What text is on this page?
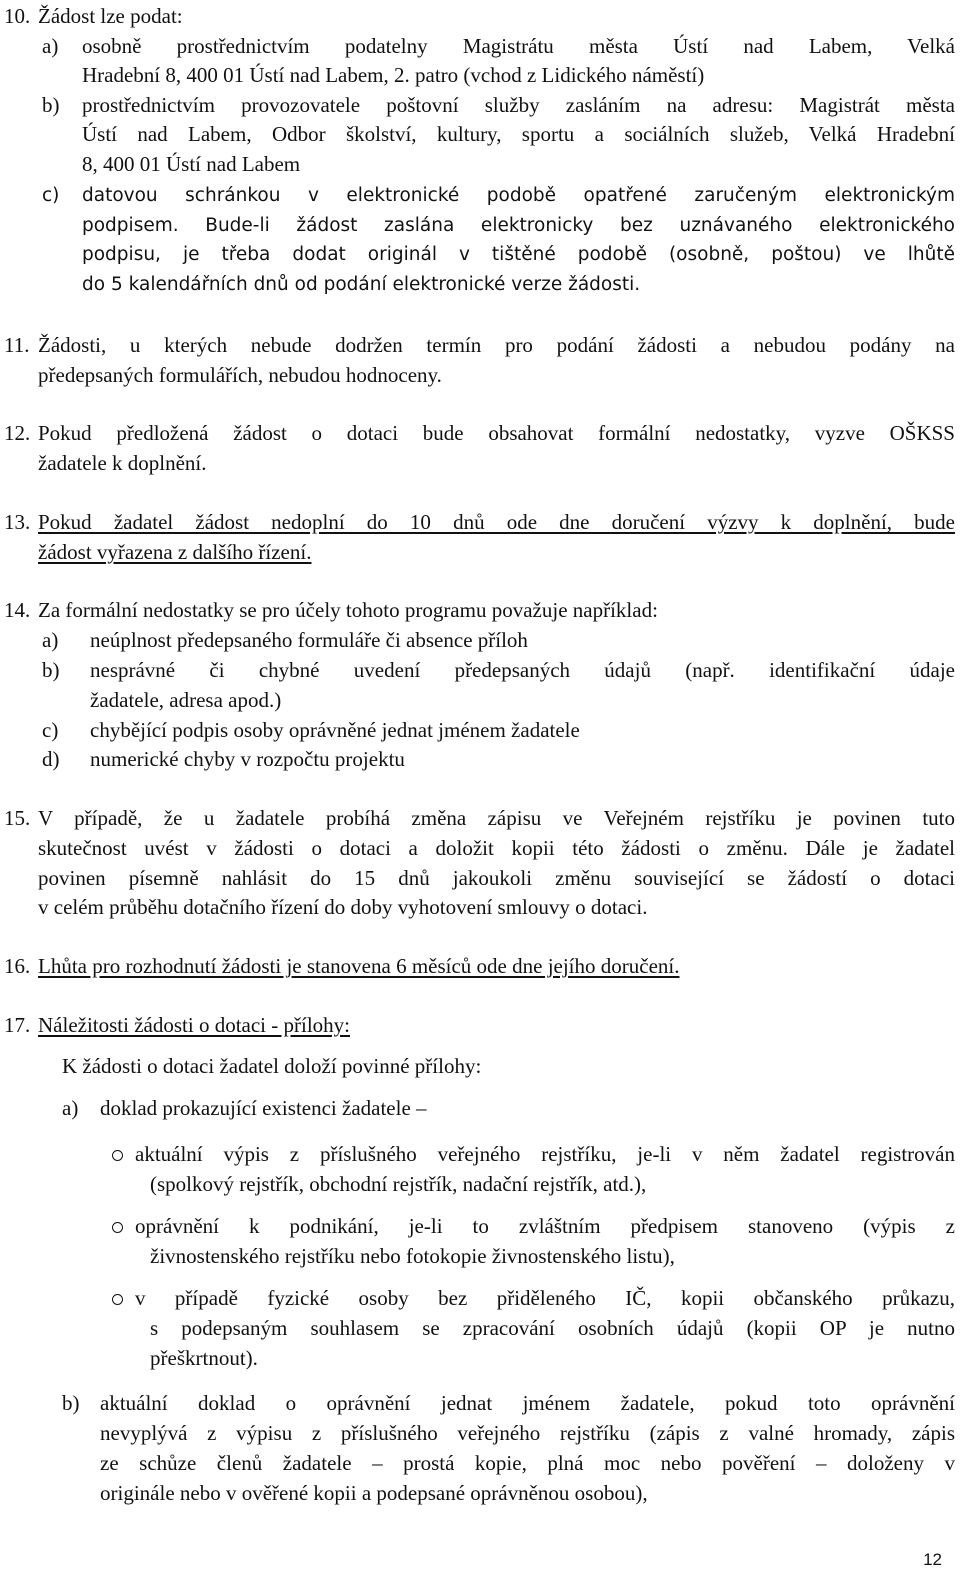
10. Žádost lze podat:
a) osobně prostřednictvím podatelny Magistrátu města Ústí nad Labem, Velká
Hradební 8, 400 01 Ústí nad Labem, 2. patro (vchod z Lidického náměstí)
b) prostřednictvím provozovatele poštovní služby zasláním na adresu: Magistrát města
Ústí nad Labem, Odbor školství, kultury, sportu a sociálních služeb, Velká Hradební
8, 400 01 Ústí nad Labem
c) datovou schránkou v elektronické podobě opatřené zaručeným elektronickým
podpisem. Bude-li žádost zaslána elektronicky bez uznávaného elektronického
podpisu, je třeba dodat originál v tištěné podobě (osobně, poštou) ve lhůtě
do 5 kalendářních dnů od podání elektronické verze žádosti.
11. Žádosti, u kterých nebude dodržen termín pro podání žádosti a nebudou podány na
předepsaných formulářích, nebudou hodnoceny.
12. Pokud předložená žádost o dotaci bude obsahovat formální nedostatky, vyzve OŠKSS
žadatele k doplnění.
13. Pokud žadatel žádost nedoplní do 10 dnů ode dne doručení výzvy k doplnění, bude
žádost vyřazena z dalšího řízení.
14. Za formální nedostatky se pro účely tohoto programu považuje například:
a) neúplnost předepsaného formuláře či absence příloh
b) nesprávné či chybné uvedení předepsaných údajů (např. identifikační údaje
žadatele, adresa apod.)
c) chybějící podpis osoby oprávněné jednat jménem žadatele
d) numerické chyby v rozpočtu projektu
15. V případě, že u žadatele probíhá změna zápisu ve Veřejném rejstříku je povinen tuto
skutečnost uvést v žádosti o dotaci a doložit kopii této žádosti o změnu. Dále je žadatel
povinen písemně nahlásit do 15 dnů jakoukoli změnu související se žádostí o dotaci
v celém průběhu dotačního řízení do doby vyhotovení smlouvy o dotaci.
16. Lhůta pro rozhodnutí žádosti je stanovena 6 měsíců ode dne jejího doručení.
17. Náležitosti žádosti o dotaci - přílohy:
K žádosti o dotaci žadatel doloží povinné přílohy:
a) doklad prokazující existenci žadatele –
aktuální výpis z příslušného veřejného rejstříku, je-li v něm žadatel registrován
(spolkový rejstřík, obchodní rejstřík, nadační rejstřík, atd.),
oprávnění k podnikání, je-li to zvláštním předpisem stanoveno (výpis z
živnostenského rejstříku nebo fotokopie živnostenského listu),
v případě fyzické osoby bez přiděleného IČ, kopii občanského průkazu,
s podepsaným souhlasem se zpracování osobních údajů (kopii OP je nutno
přeškrtnout).
b) aktuální doklad o oprávnění jednat jménem žadatele, pokud toto oprávnění
nevyplývá z výpisu z příslušného veřejného rejstříku (zápis z valné hromady, zápis
ze schůze členů žadatele – prostá kopie, plná moc nebo pověření – doloženy v
originále nebo v ověřené kopii a podepsané oprávněnou osobou),
12
